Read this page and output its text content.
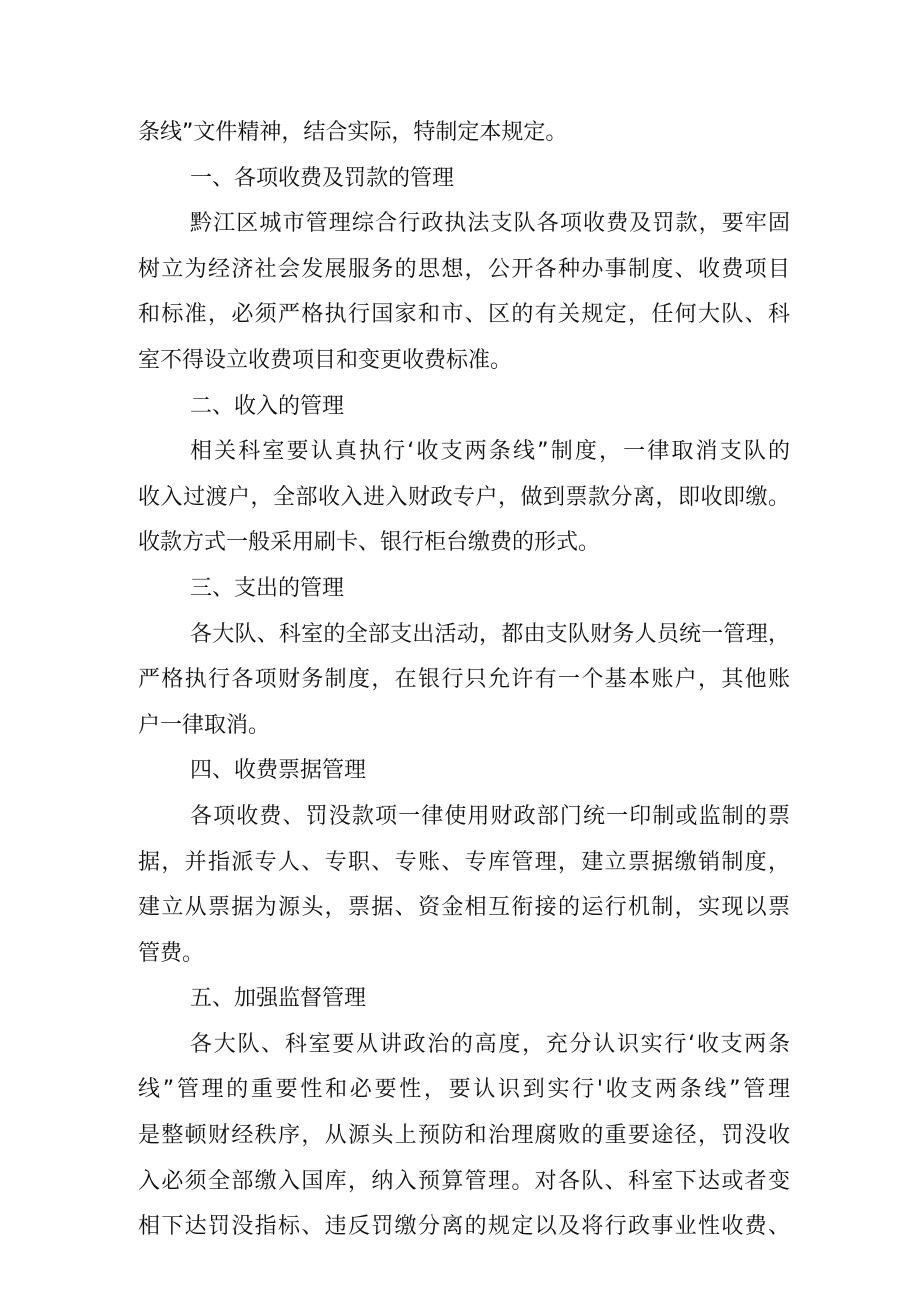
条线”文件精神，结合实际，特制定本规定。
一、各项收费及罚款的管理
黔江区城市管理综合行政执法支队各项收费及罚款，要牢固
树立为经济社会发展服务的思想，公开各种办事制度、收费项目
和标准，必须严格执行国家和市、区的有关规定，任何大队、科
室不得设立收费项目和变更收费标准。
二、收入的管理
相关科室要认真执行‘收支两条线”制度，一律取消支队的
收入过渡户，全部收入进入财政专户，做到票款分离，即收即缴。
收款方式一般采用刷卡、银行柜台缴费的形式。
三、支出的管理
各大队、科室的全部支出活动，都由支队财务人员统一管理，
严格执行各项财务制度，在银行只允许有一个基本账户，其他账
户一律取消。
四、收费票据管理
各项收费、罚没款项一律使用财政部门统一印制或监制的票
据，并指派专人、专职、专账、专库管理，建立票据缴销制度，
建立从票据为源头，票据、资金相互衔接的运行机制，实现以票
管费。
五、加强监督管理
各大队、科室要从讲政治的高度，充分认识实行‘收支两条
线”管理的重要性和必要性，要认识到实行'收支两条线”管理
是整顿财经秩序，从源头上预防和治理腐败的重要途径，罚没收
入必须全部缴入国库，纳入预算管理。对各队、科室下达或者变
相下达罚没指标、违反罚缴分离的规定以及将行政事业性收费、
